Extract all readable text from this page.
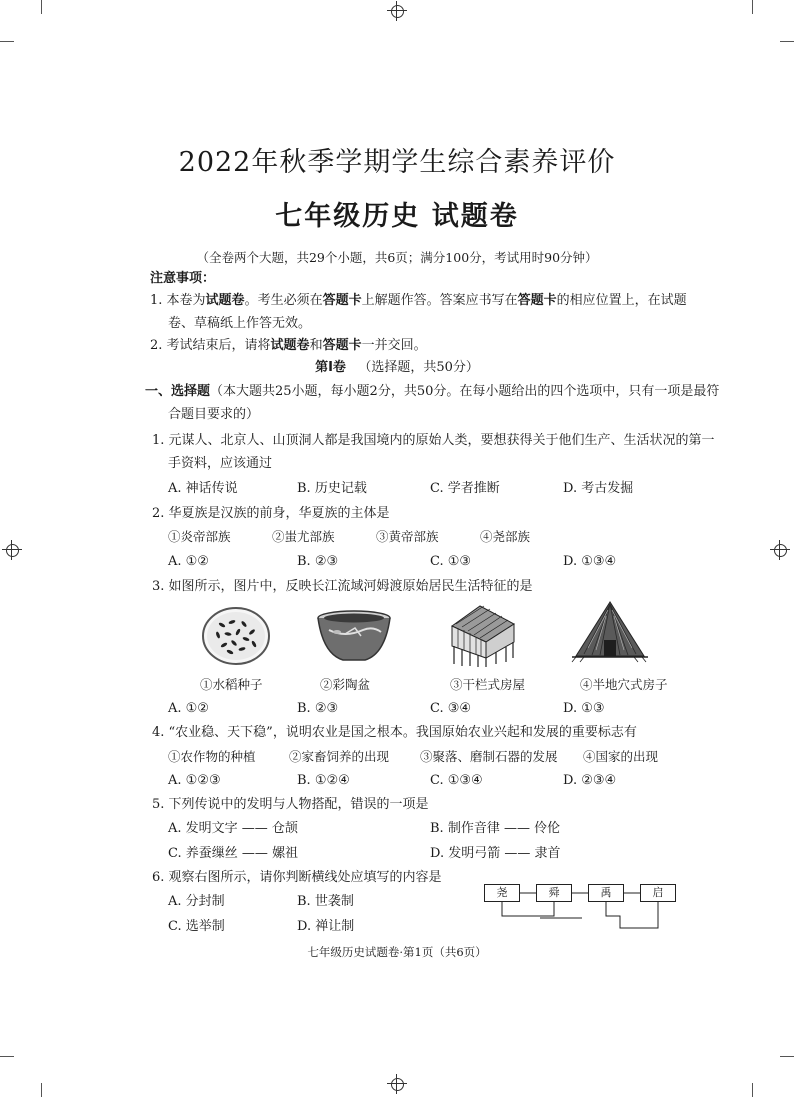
2022年秋季学期学生综合素养评价
七年级历史 试题卷
（全卷两个大题，共29个小题，共6页；满分100分，考试用时90分钟）
注意事项：
1. 本卷为试题卷。考生必须在答题卡上解题作答。答案应书写在答题卡的相应位置上，在试题
卷、草稿纸上作答无效。
2. 考试结束后，请将试题卷和答题卡一并交回。
第Ⅰ卷 （选择题，共50分）
一、选择题（本大题共25小题，每小题2分，共50分。在每小题给出的四个选项中，只有一项是最符
合题目要求的）
1. 元谋人、北京人、山顶洞人都是我国境内的原始人类，要想获得关于他们生产、生活状况的第一
手资料，应该通过
A. 神话传说	B. 历史记载	C. 学者推断	D. 考古发掘
2. 华夏族是汉族的前身，华夏族的主体是
①炎帝部族	②蚩尤部族	③黄帝部族	④尧部族
A. ①②	B. ②③	C. ①③	D. ①③④
3. 如图所示，图片中，反映长江流域河姆渡原始居民生活特征的是
①水稻种子	②彩陶盆	③干栏式房屋	④半地穴式房子
A. ①②	B. ②③	C. ③④	D. ①③
4. “农业稳、天下稳”，说明农业是国之根本。我国原始农业兴起和发展的重要标志有
①农作物的种植	②家畜饲养的出现 ③聚落、磨制石器的发展 ④国家的出现
A. ①②③	B. ①②④	C. ①③④	D. ②③④
5. 下列传说中的发明与人物搭配，错误的一项是
A. 发明文字 —— 仓颉	B. 制作音律 —— 伶伦
C. 养蚕缫丝 —— 嫘祖	D. 发明弓箭 —— 隶首
6. 观察右图所示，请你判断横线处应填写的内容是
A. 分封制	B. 世袭制
C. 选举制	D. 禅让制
尧	舜	禹	启
七年级历史试题卷·第1页（共6页）
